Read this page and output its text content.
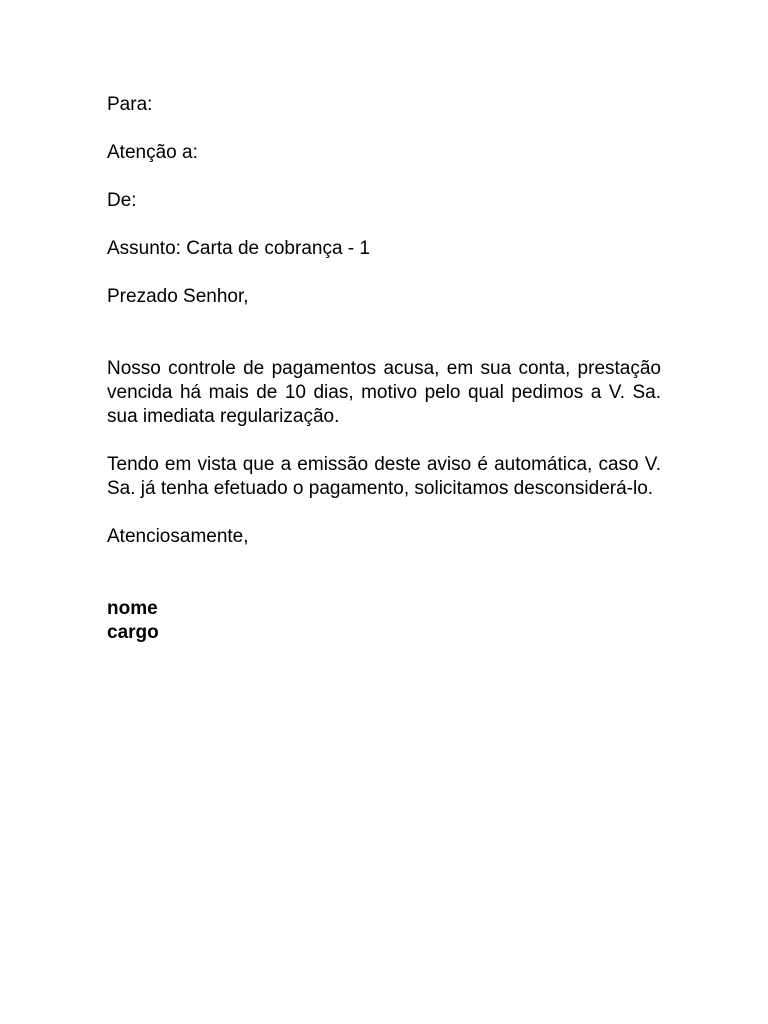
Para:

Atenção a:

De:

Assunto: Carta de cobrança - 1

Prezado Senhor,

Nosso controle de pagamentos acusa, em sua conta, prestação vencida há mais de 10 dias, motivo pelo qual pedimos a V. Sa. sua imediata regularização.

Tendo em vista que a emissão deste aviso é automática, caso V. Sa. já tenha efetuado o pagamento, solicitamos desconsiderá-lo.

Atenciosamente,

nome

cargo
